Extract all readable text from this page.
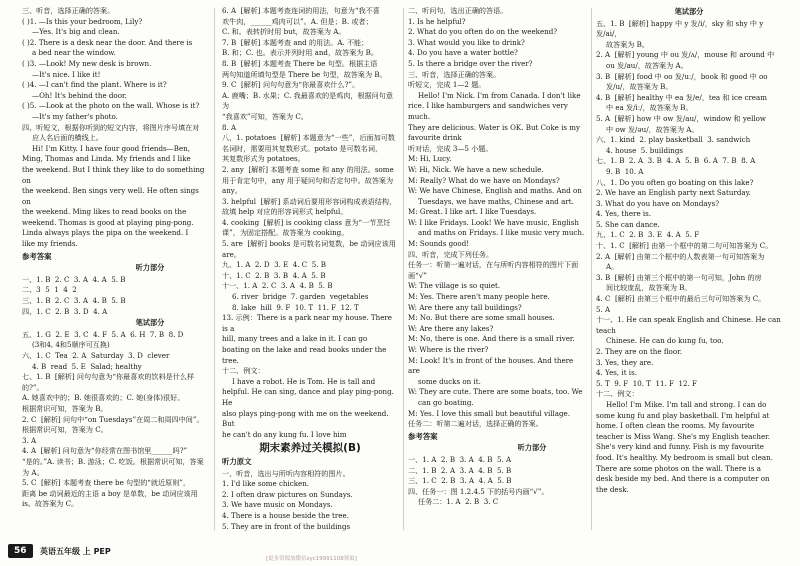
三、听音，选择正确的答案。
( )1. —Is this your bedroom, Lily?
—Yes. It's big and clean.
( )2. There is a desk near the door. And there is
a bed near the window.
( )3. —Look! My new desk is brown.
—It's nice. I like it!
( )4. —I can't find the plant. Where is it?
—Oh! It's behind the door.
( )5. —Look at the photo on the wall. Whose is it?
—It's my father's photo.
四、听短文，根据你听到的短文内容，将图片序号填在对
应人名后面的横线上。
Hi! I'm Kitty. I have four good friends—Ben,
Ming, Thomas and Linda. My friends and I like
the weekend. But I think they like to do something on
the weekend. Ben sings very well. He often sings on
the weekend. Ming likes to read books on the
weekend. Thomas is good at playing ping-pong.
Linda always plays the pipa on the weekend. I
like my friends.
参考答案
听力部分
一、1. B  2. C  3. A  4. A  5. B
二、3  5  1  4  2
三、1. B  2. C  3. A  4. B  5. B
四、1. C  2. B  3. D  4. A
笔试部分
五、1. G  2. E  3. C  4. F  5. A  6. H  7. B  8. D
(3和4, 4和5顺序可互换)
六、1. C  Tea  2. A  Saturday  3. D  clever
4. B  read  5. E  Salad; healthy
七、1. B  [解析] 问句句意为“你最喜欢的饮料是什么样的?”。
A. 她喜欢中的；B. 她很喜欢的；C. 她(身体)很好。
根据常识可知，答案为 B。
2. C  [解析] 问句中“on Tuesdays”在周二和周四中间”。
根据常识可知，答案为 C。
3. A
4. A  [解析] 问句意为“你经常在图书馆里______吗?”
“是的。”A. 读书；B. 游泳；C. 吃饭。根据常识可知，答案
为 A。
5. C  [解析] 本题考查 there be 句型的“就近原则”，
距离 be 动词最近的主语 a boy 是单数，be 动词应该用
is。故答案为 C。
6. A  [解析] 本题考查连词的用法，句意为“我不喜
欢牛肉，______鸡肉可以”。A. 但是；B. 或者；
C. 和。表转折时用 but，故答案为 A。
7. B  [解析] 本题考查 and 的用法。A. 不能；
B. 和；C. 也。表示并列时用 and，故答案为 B。
8. B  [解析] 本题考查 There be 句型。根据主语
两句知道所填句型是 There be 句型，故答案为 B。
9. C  [解析] 问句句意为“你最喜欢什么?”。
A. 鹿嘴；B. 水果；C. 我最喜欢的是鸡肉，根据问句意为
“我喜欢”可知，答案为 C。
8. A
八、1. potatoes  [解析] 本题意为“一些”，后面加可数
名词时，需要用其复数形式。potato 是可数名词，
其复数形式为 potatoes。
2. any  [解析] 本题考查 some 和 any 的用法。some
用于肯定句中，any 用于疑问句和否定句中。故答案为 any。
3. helpful  [解析] 系动词后要用形容词构成表语结构，
故填 help 对应的形容词形式 helpful。
4. cooking  [解析] is cooking class 意为“一节烹饪
课”，为固定搭配。故答案为 cooking。
5. are  [解析] books 是可数名词复数，be 动词应该用
are。
九、1. A  2. D  3. E  4. C  5. B
十、1. C  2. B  3. B  4. A  5. B
十一、1. A  2. C  3. A  4. B  5. B
6. river  bridge  7. garden  vegetables
8. lake  hill  9. F  10. T  11. F  12. T
13. 示例：There is a park near my house. There is a
hill, many trees and a lake in it. I can go
boating on the lake and read books under the tree.
十二、例文：
I have a robot. He is Tom. He is tall and
helpful. He can sing, dance and play ping-pong. He
also plays ping-pong with me on the weekend. But
he can't do any kung fu. I love him
期末素养过关模拟(B)
听力原文
一、听音，选出与所听内容相符的图片。
1. I'd like some chicken.
2. I often draw pictures on Sundays.
3. We have music on Mondays.
4. There is a house beside the tree.
5. They are in front of the buildings
二、听问句，选出正确的答语。
1. Is he helpful?
2. What do you often do on the weekend?
3. What would you like to drink?
4. Do you have a water bottle?
5. Is there a bridge over the river?
三、听音，选择正确的答案。
听短文，完成 1—2 题。
Hello! I'm Nick. I'm from Canada. I don't like
rice. I like hamburgers and sandwiches very much.
They are delicious. Water is OK. But Coke is my
favourite drink
听对话，完成 3—5 小题。
M: Hi, Lucy.
W: Hi, Nick. We have a new schedule.
M: Really? What do we have on Mondays?
W: We have Chinese, English and maths. And on
Tuesdays, we have maths, Chinese and art.
M: Great. I like art. I like Tuesdays.
W: I like Fridays. Look! We have music, English
and maths on Fridays. I like music very much.
M: Sounds good!
四、听音，完成下列任务。
任务一：听第一遍对话，在与所听内容相符的图片下面
画“√”
W: The village is so quiet.
M: Yes. There aren't many people here.
W: Are there any tall buildings?
M: No. But there are some small houses.
W: Are there any lakes?
M: No, there is one. And there is a small river.
W: Where is the river?
M: Look! It's in front of the houses. And there are
some ducks on it.
W: They are cute. There are some boats, too. We
can go boating.
M: Yes. I love this small but beautiful village.
任务二：听第二遍对话，选择正确的答案。
参考答案
听力部分
一、1. A  2. B  3. A  4. B  5. A
二、1. B  2. A  3. A  4. B  5. B
三、1. C  2. B  3. A  4. A  5. B
四、任务一：图 1.2.4.5 下的括号内画“√”。
任务二：1. A  2. B  3. C
笔试部分
五、1. B  [解析] happy 中 y 发/i/，sky 和 shy 中 y 发/ai/，
故答案为 B。
2. A  [解析] young 中 ou 发/ʌ/，mouse 和 around 中
ou 发/au/，故答案为 A。
3. B  [解析] food 中 oo 发/uː/，book 和 good 中 oo
发/u/，故答案为 B。
4. B  [解析] healthy 中 ea 发/e/，tea 和 ice cream
中 ea 发/iː/，故答案为 B。
5. A  [解析] how 中 ow 发/au/，window 和 yellow
中 ow 发/əu/，故答案为 A。
六、1. kind  2. play basketball  3. sandwich
4. house  5. buildings
七、1. B  2. A  3. B  4. A  5. B  6. A  7. B  8. A
9. B  10. A
八、1. Do you often go boating on this lake?
2. We have an English party next Saturday.
3. What do you have on Mondays?
4. Yes, there is.
5. She can dance.
九、1. C  2. B  3. E  4. A  5. F
十、1. C  [解析] 由第一个框中的第二句可知答案为 C。
2. A  [解析] 由第二个框中的人数表第一句可知答案为
A。
3. B  [解析] 由第三个框中的第一句可知，John 的房
间比较庞乱，故答案为 B。
4. C  [解析] 由第三个框中的最后三句可知答案为 C。
5. A
十一、1. He can speak English and Chinese. He can teach
Chinese. He can do kung fu, too.
2. They are on the floor.
3. Yes, they are.
4. Yes, it is.
5. T  9. F  10. T  11. F  12. F
十二、例文：
Hello! I'm Mike. I'm tall and strong. I can do
some kung fu and play basketball. I'm helpful at
home. I often clean the rooms. My favourite
teacher is Miss Wang. She's my English teacher.
She's very kind and funny. Fish is my favourite
food. It's healthy. My bedroom is small but clean.
There are some photos on the wall. There is a
desk beside my bed. And there is a computer on
the desk.
56	英语五年级 上 PEP
[更多资源加微信zyc19991108领取]
